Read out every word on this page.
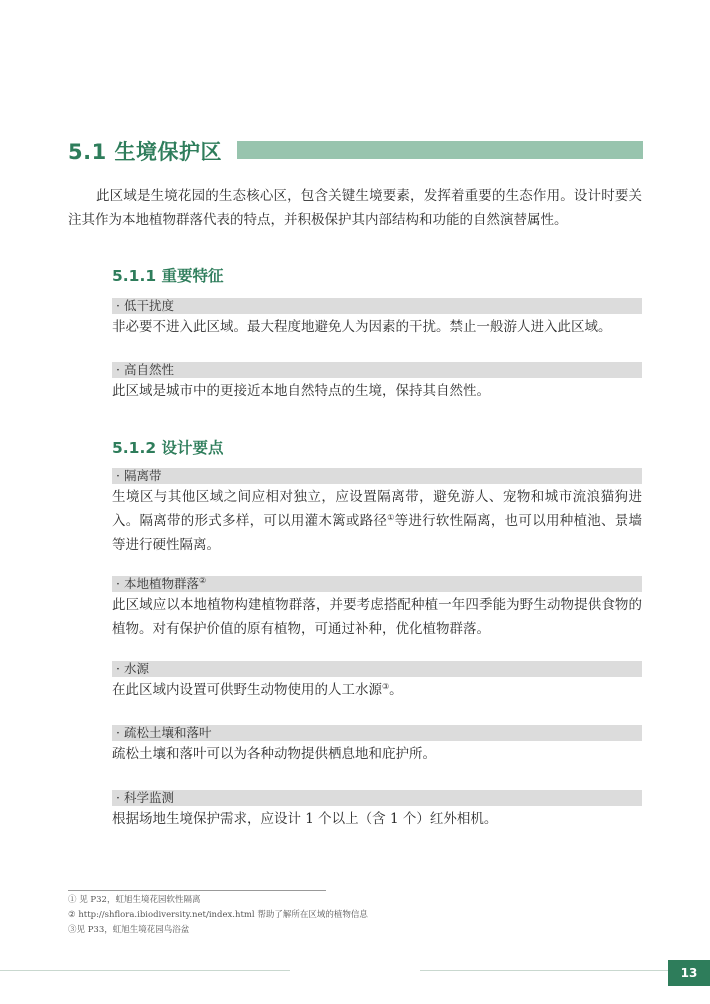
5.1 生境保护区
此区域是生境花园的生态核心区，包含关键生境要素，发挥着重要的生态作用。设计时要关注其作为本地植物群落代表的特点，并积极保护其内部结构和功能的自然演替属性。
5.1.1 重要特征
· 低干扰度
非必要不进入此区域。最大程度地避免人为因素的干扰。禁止一般游人进入此区域。
· 高自然性
此区域是城市中的更接近本地自然特点的生境，保持其自然性。
5.1.2 设计要点
· 隔离带
生境区与其他区域之间应相对独立，应设置隔离带，避免游人、宠物和城市流浪猫狗进入。隔离带的形式多样，可以用灌木篱或路径①等进行软性隔离，也可以用种植池、景墙等进行硬性隔离。
· 本地植物群落②
此区域应以本地植物构建植物群落，并要考虑搭配种植一年四季能为野生动物提供食物的植物。对有保护价值的原有植物，可通过补种，优化植物群落。
· 水源
在此区域内设置可供野生动物使用的人工水源③。
· 疏松土壤和落叶
疏松土壤和落叶可以为各种动物提供栖息地和庇护所。
· 科学监测
根据场地生境保护需求，应设计 1 个以上（含 1 个）红外相机。
① 见 P32，虹旭生境花园软性隔离
② http://shflora.ibiodiversity.net/index.html 帮助了解所在区域的植物信息
③见 P33，虹旭生境花园鸟浴盆
13
